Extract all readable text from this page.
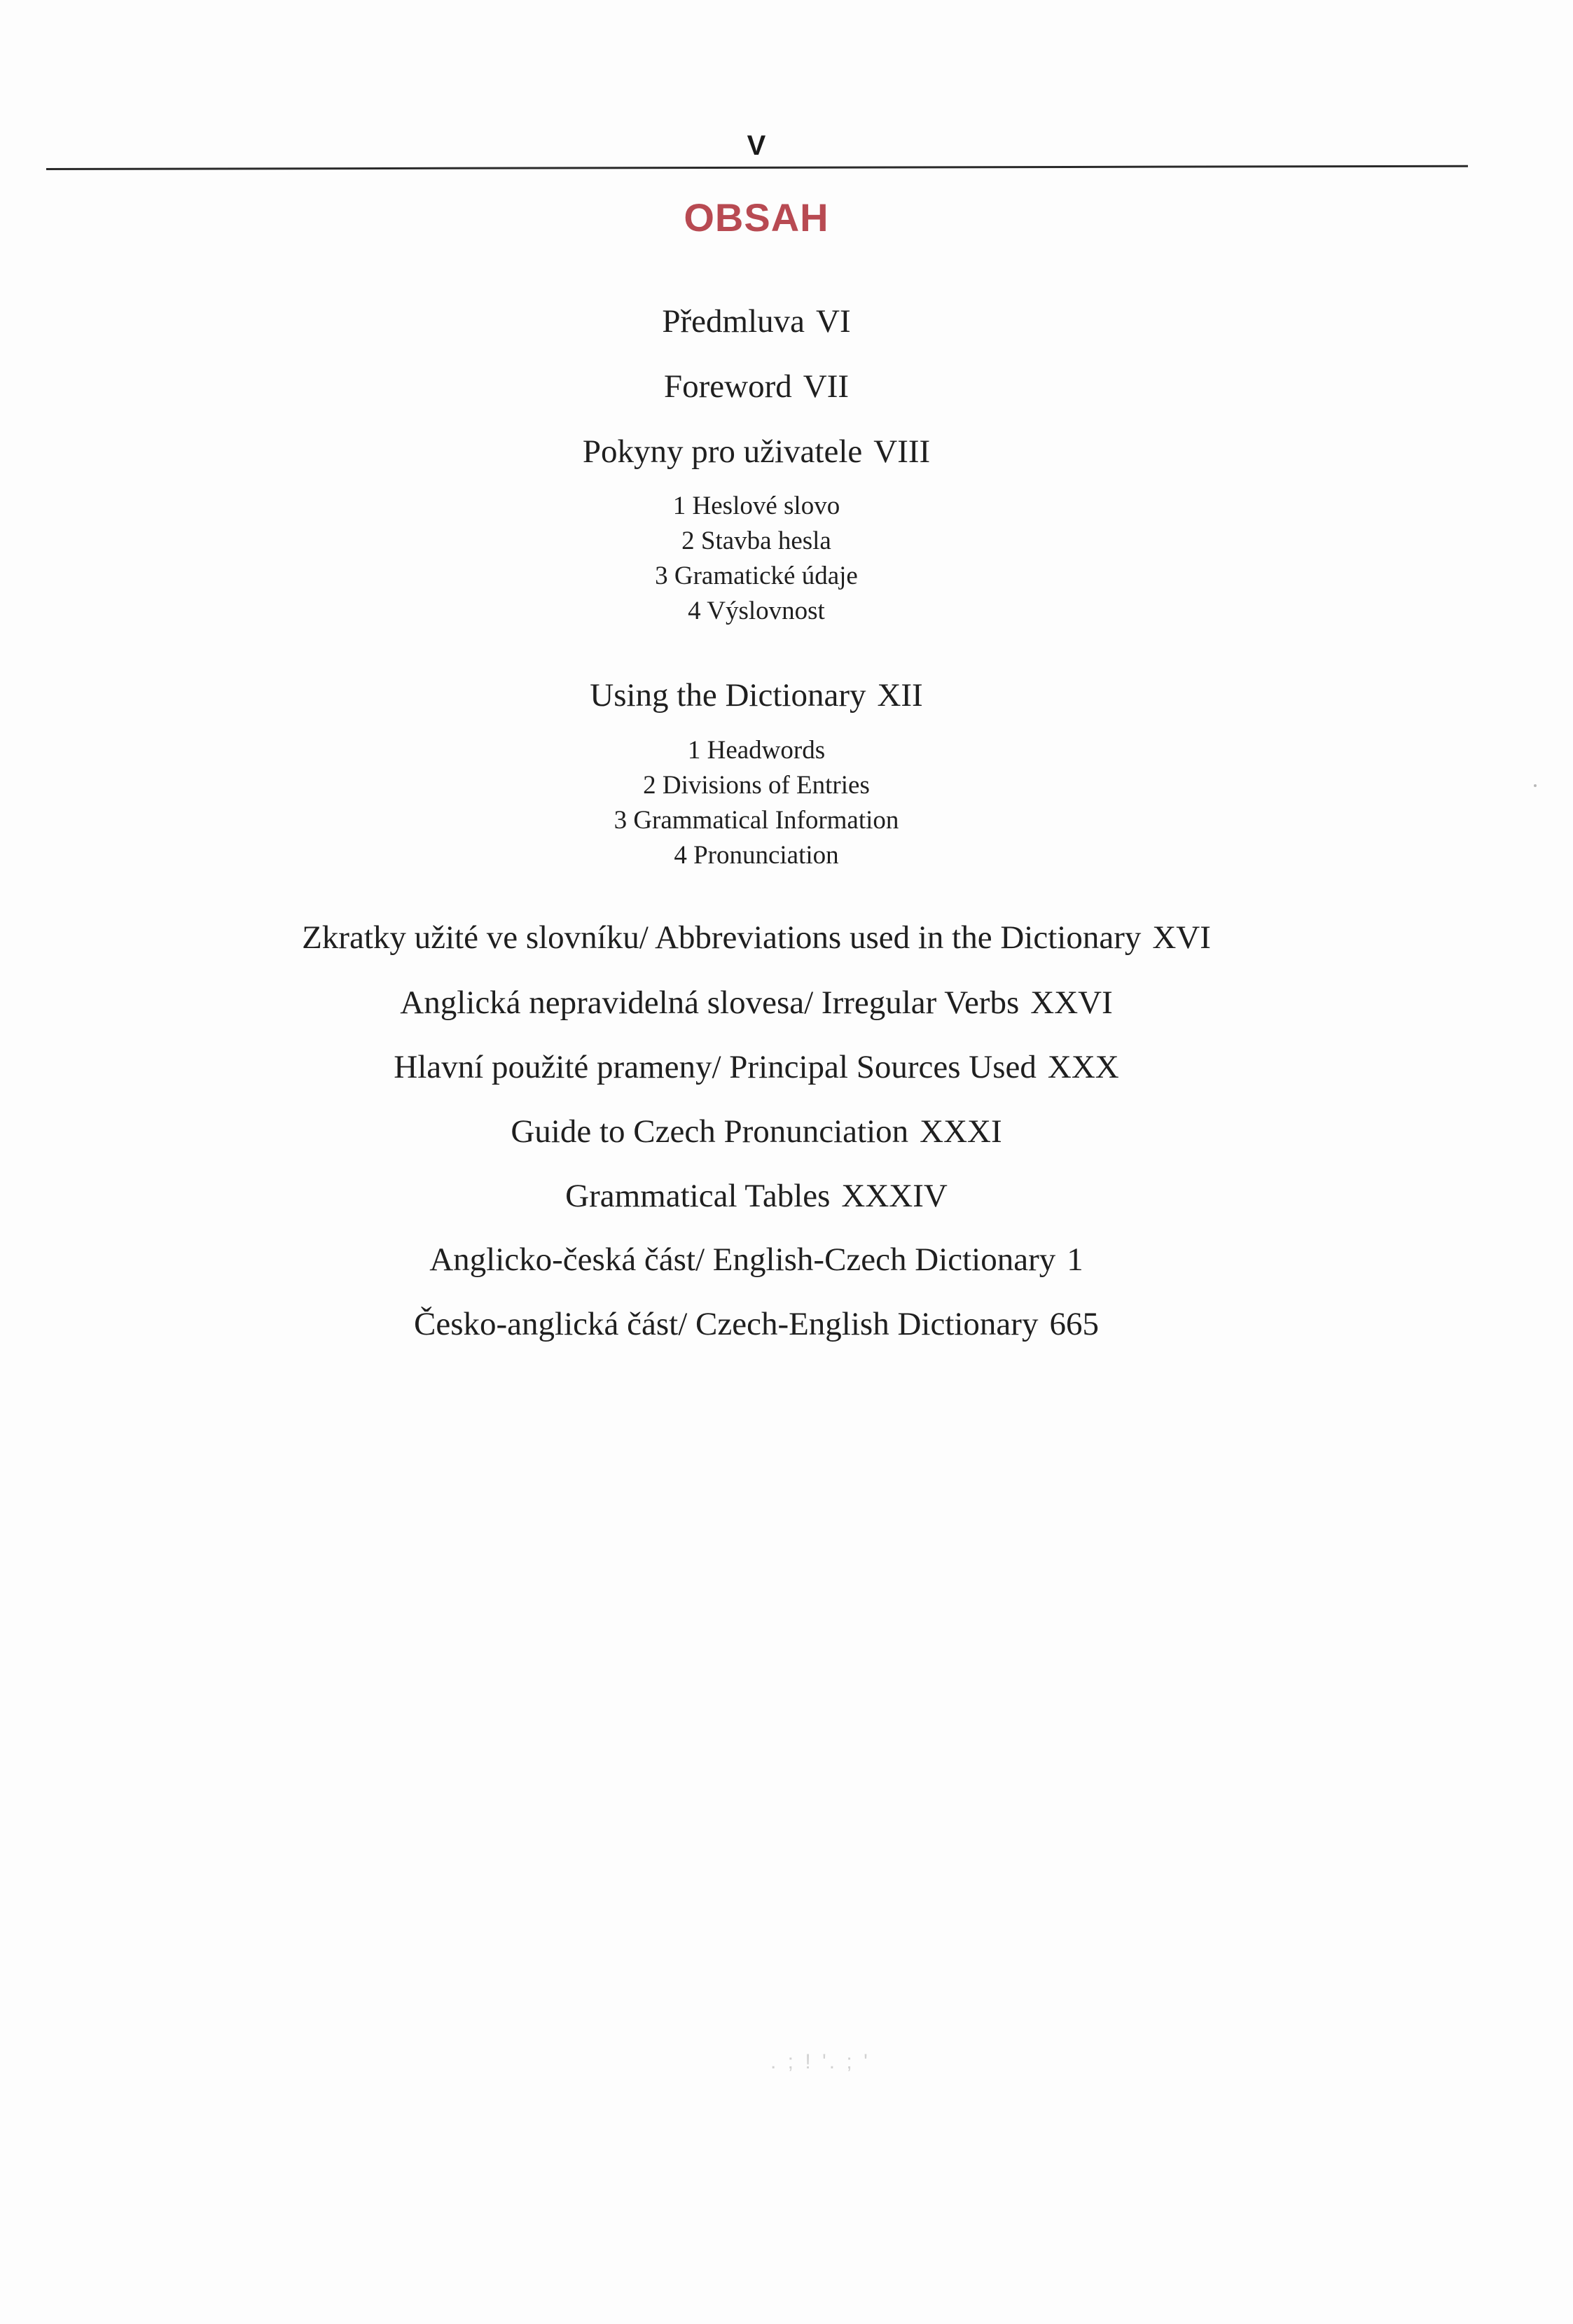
V
OBSAH
Předmluva VI
Foreword VII
Pokyny pro uživatele VIII
1 Heslové slovo
2 Stavba hesla
3 Gramatické údaje
4 Výslovnost
Using the Dictionary XII
1 Headwords
2 Divisions of Entries
3 Grammatical Information
4 Pronunciation
Zkratky užité ve slovníku/ Abbreviations used in the Dictionary XVI
Anglická nepravidelná slovesa/ Irregular Verbs XXVI
Hlavní použité prameny/ Principal Sources Used XXX
Guide to Czech Pronunciation XXXI
Grammatical Tables XXXIV
Anglicko-česká část/ English-Czech Dictionary 1
Česko-anglická část/ Czech-English Dictionary 665
. ; ! '. ; '
